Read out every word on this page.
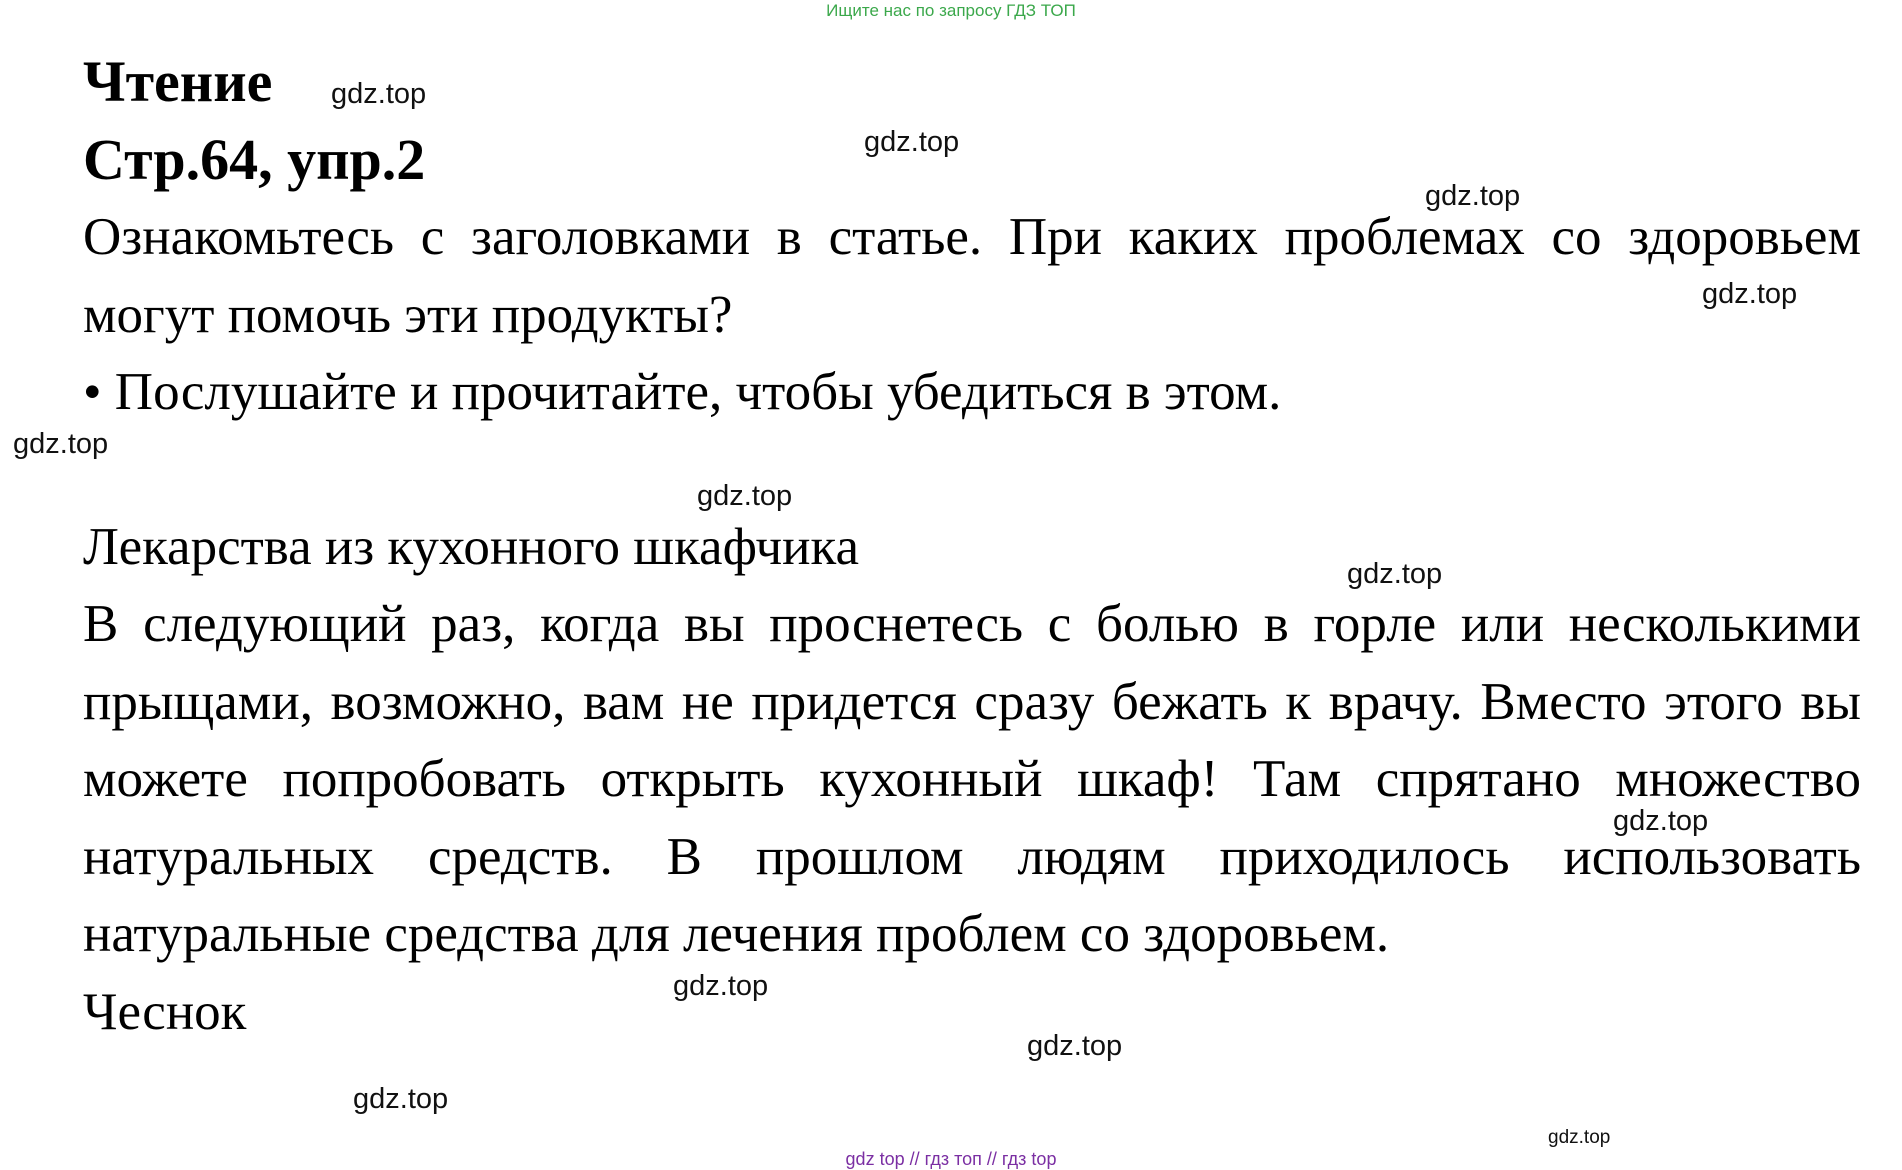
Ищите нас по запросу ГДЗ ТОП
Чтение
Стр.64, упр.2

Ознакомьтесь с заголовками в статье. При каких проблемах со здоровьем могут помочь эти продукты?

• Послушайте и прочитайте, чтобы убедиться в этом.

Лекарства из кухонного шкафчика

В следующий раз, когда вы проснетесь с болью в горле или несколькими прыщами, возможно, вам не придется сразу бежать к врачу. Вместо этого вы можете попробовать открыть кухонный шкаф! Там спрятано множество натуральных средств. В прошлом людям приходилось использовать натуральные средства для лечения проблем со здоровьем.

Чеснок

gdz.top
gdz.top
gdz.top
gdz.top
gdz.top
gdz.top
gdz.top
gdz.top
gdz.top
gdz.top
gdz.top
gdz.top
gdz top // гдз топ // гдз top
